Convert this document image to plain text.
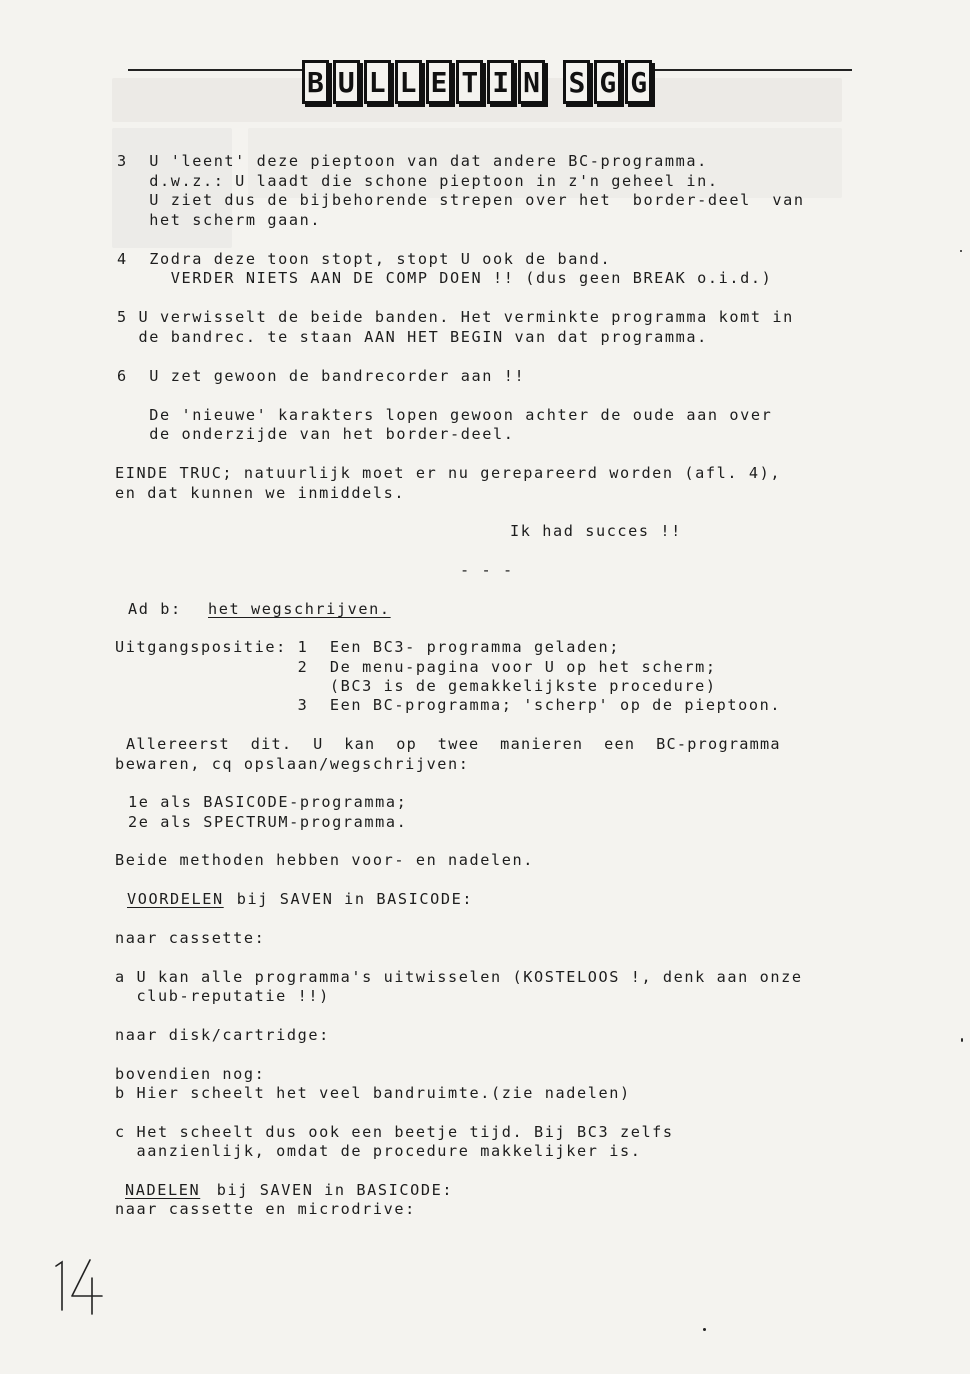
B U L L E T I N S G G
3  U 'leent' deze pieptoon van dat andere BC-programma.
d.w.z.: U laadt die schone pieptoon in z'n geheel in.
U ziet dus de bijbehorende strepen over het  border-deel  van
het scherm gaan.
4  Zodra deze toon stopt, stopt U ook de band.
VERDER NIETS AAN DE COMP DOEN !! (dus geen BREAK o.i.d.)
5 U verwisselt de beide banden. Het verminkte programma komt in
de bandrec. te staan AAN HET BEGIN van dat programma.
6  U zet gewoon de bandrecorder aan !!
De 'nieuwe' karakters lopen gewoon achter de oude aan over
de onderzijde van het border-deel.
EINDE TRUC; natuurlijk moet er nu gerepareerd worden (afl. 4),
en dat kunnen we inmiddels.
Ik had succes !!
- - -
Ad b: het wegschrijven.
Uitgangspositie: 1  Een BC3- programma geladen;
2  De menu-pagina voor U op het scherm;
(BC3 is de gemakkelijkste procedure)
3  Een BC-programma; 'scherp' op de pieptoon.
Allereerst  dit.  U  kan  op  twee  manieren  een  BC-programma
bewaren, cq opslaan/wegschrijven:
1e als BASICODE-programma;
2e als SPECTRUM-programma.
Beide methoden hebben voor- en nadelen.
VOORDELEN bij SAVEN in BASICODE:
naar cassette:
a U kan alle programma's uitwisselen (KOSTELOOS !, denk aan onze
club-reputatie !!)
naar disk/cartridge:
bovendien nog:
b Hier scheelt het veel bandruimte.(zie nadelen)
c Het scheelt dus ook een beetje tijd. Bij BC3 zelfs
aanzienlijk, omdat de procedure makkelijker is.
NADELEN bij SAVEN in BASICODE:
naar cassette en microdrive:
